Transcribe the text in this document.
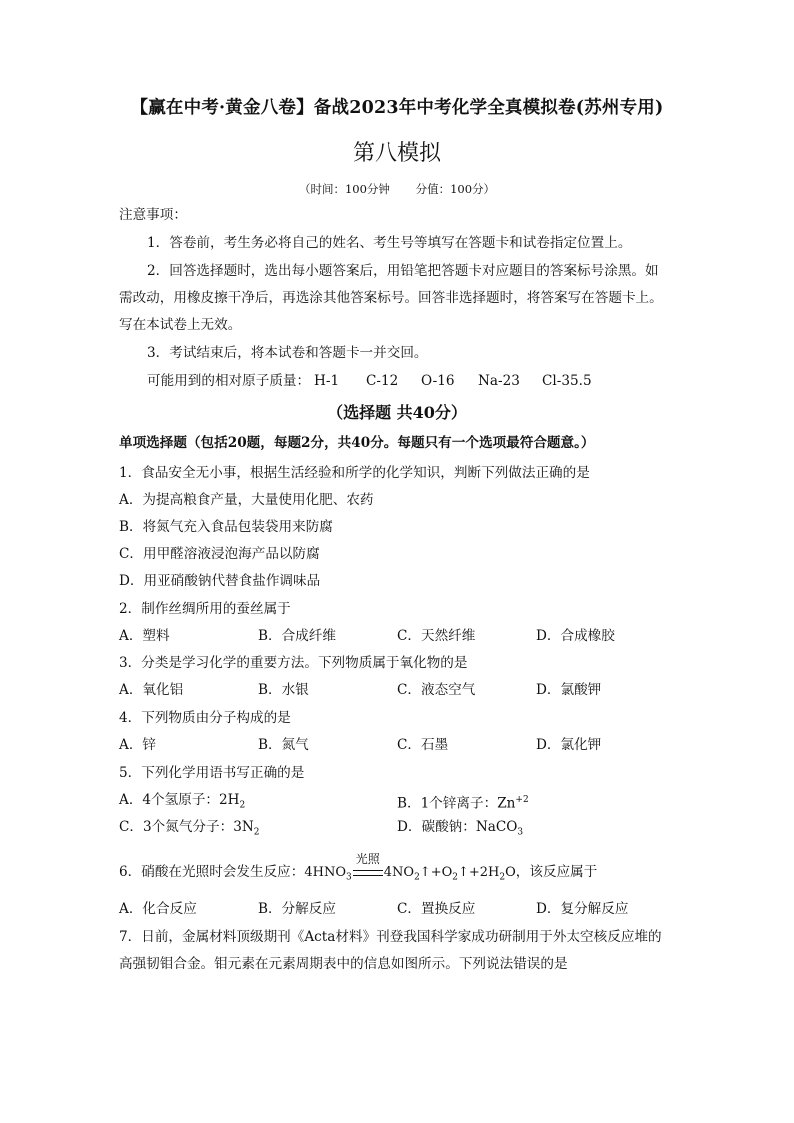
【赢在中考·黄金八卷】备战2023年中考化学全真模拟卷(苏州专用)
第八模拟
（时间：100分钟 分值：100分）
注意事项：
1．答卷前，考生务必将自己的姓名、考生号等填写在答题卡和试卷指定位置上。
2．回答选择题时，选出每小题答案后，用铅笔把答题卡对应题目的答案标号涂黑。如
需改动，用橡皮擦干净后，再选涂其他答案标号。回答非选择题时，将答案写在答题卡上。
写在本试卷上无效。
3．考试结束后，将本试卷和答题卡一并交回。
可能用到的相对原子质量： H-1 C-12 O-16 Na-23 Cl-35.5
（选择题 共40分）
单项选择题（包括20题，每题2分，共40分。每题只有一个选项最符合题意。）
1．食品安全无小事，根据生活经验和所学的化学知识，判断下列做法正确的是
A．为提高粮食产量，大量使用化肥、农药
B．将氮气充入食品包装袋用来防腐
C．用甲醛溶液浸泡海产品以防腐
D．用亚硝酸钠代替食盐作调味品
2．制作丝绸所用的蚕丝属于
A．塑料	B．合成纤维	C．天然纤维	D．合成橡胶
3．分类是学习化学的重要方法。下列物质属于氧化物的是
A．氧化铝	B．水银	C．液态空气	D．氯酸钾
4．下列物质由分子构成的是
A．锌	B．氮气	C．石墨	D．氯化钾
5．下列化学用语书写正确的是
A．4个氢原子：$2H_2$	B．1个锌离子：$Zn^{+2}$
C．3个氮气分子：$3N_2$	D．碳酸钠：NaCO$_3$
6．硝酸在光照时会发生反应：$4HNO_3$
光照
$4NO_2↑+O_2↑+2H_2O$，该反应属于
A．化合反应	B．分解反应	C．置换反应	D．复分解反应
7．日前，金属材料顶级期刊《Acta材料》刊登我国科学家成功研制用于外太空核反应堆的
高强韧钼合金。钼元素在元素周期表中的信息如图所示。下列说法错误的是
